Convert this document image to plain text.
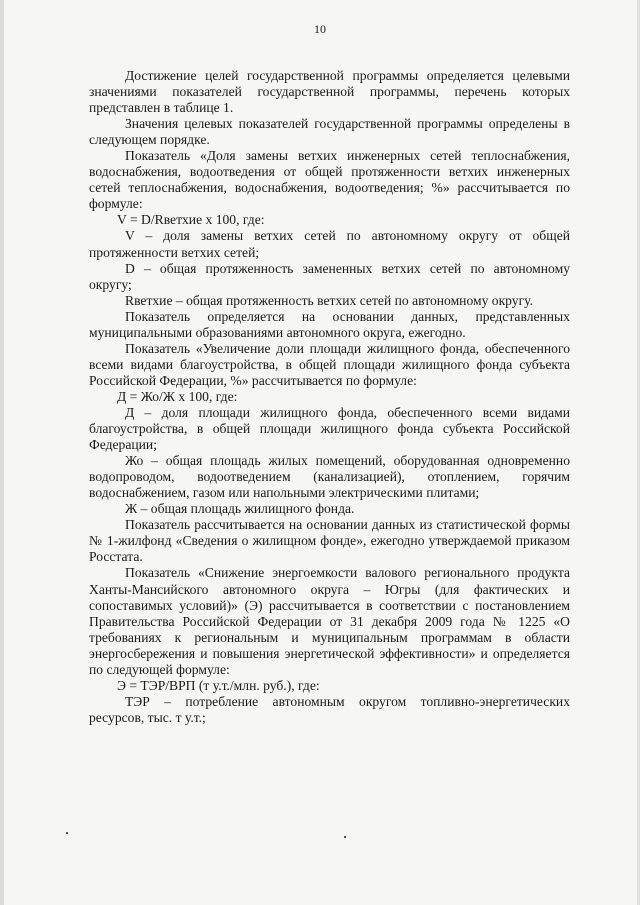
10

Достижение целей государственной программы определяется целевыми значениями показателей государственной программы, перечень которых представлен в таблице 1.

Значения целевых показателей государственной программы определены в следующем порядке.

Показатель «Доля замены ветхих инженерных сетей теплоснабжения, водоснабжения, водоотведения от общей протяженности ветхих инженерных сетей теплоснабжения, водоснабжения, водоотведения; %» рассчитывается по формуле:

V = D/Rветхие х 100, где:

V – доля замены ветхих сетей по автономному округу от общей протяженности ветхих сетей;

D – общая протяженность замененных ветхих сетей по автономному округу;

Rветхие – общая протяженность ветхих сетей по автономному округу.

Показатель определяется на основании данных, представленных муниципальными образованиями автономного округа, ежегодно.

Показатель «Увеличение доли площади жилищного фонда, обеспеченного всеми видами благоустройства, в общей площади жилищного фонда субъекта Российской Федерации, %» рассчитывается по формуле:

Д = Жо/Ж х 100, где:

Д – доля площади жилищного фонда, обеспеченного всеми видами благоустройства, в общей площади жилищного фонда субъекта Российской Федерации;

Жо – общая площадь жилых помещений, оборудованная одновременно водопроводом, водоотведением (канализацией), отоплением, горячим водоснабжением, газом или напольными электрическими плитами;

Ж – общая площадь жилищного фонда.

Показатель рассчитывается на основании данных из статистической формы № 1-жилфонд «Сведения о жилищном фонде», ежегодно утверждаемой приказом Росстата.

Показатель «Снижение энергоемкости валового регионального продукта Ханты-Мансийского автономного округа – Югры (для фактических и сопоставимых условий)» (Э) рассчитывается в соответствии с постановлением Правительства Российской Федерации от 31 декабря 2009 года № 1225 «О требованиях к региональным и муниципальным программам в области энергосбережения и повышения энергетической эффективности» и определяется по следующей формуле:

Э = ТЭР/ВРП (т у.т./млн. руб.), где:

ТЭР – потребление автономным округом топливно-энергетических ресурсов, тыс. т у.т.;
